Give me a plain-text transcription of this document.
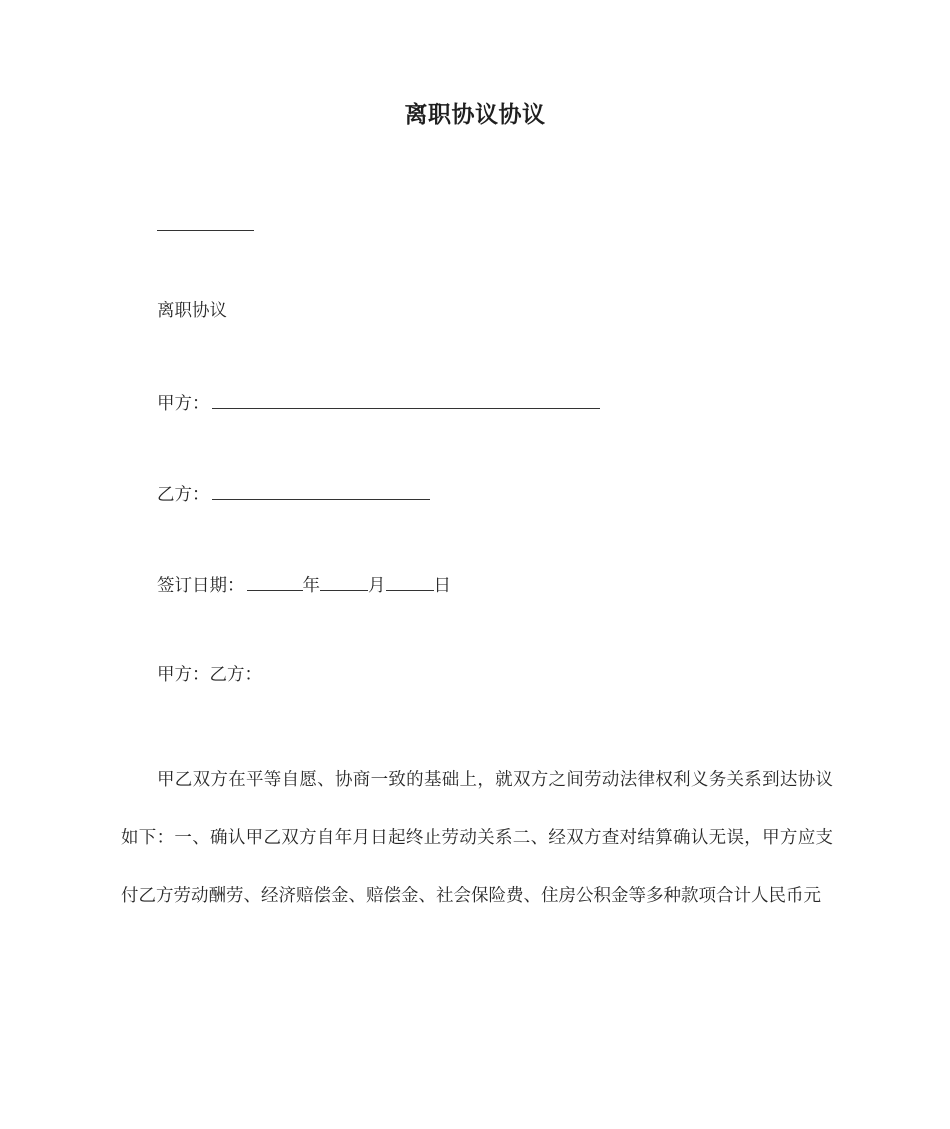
离职协议协议
离职协议
甲方：
乙方：
签订日期：	年	月	日
甲方：乙方：
甲乙双方在平等自愿、协商一致的基础上，就双方之间劳动法律权利义务关系到达协议如下：一、确认甲乙双方自年月日起终止劳动关系二、经双方查对结算确认无误，甲方应支付乙方劳动酬劳、经济赔偿金、赔偿金、社会保险费、住房公积金等多种款项合计人民币元
